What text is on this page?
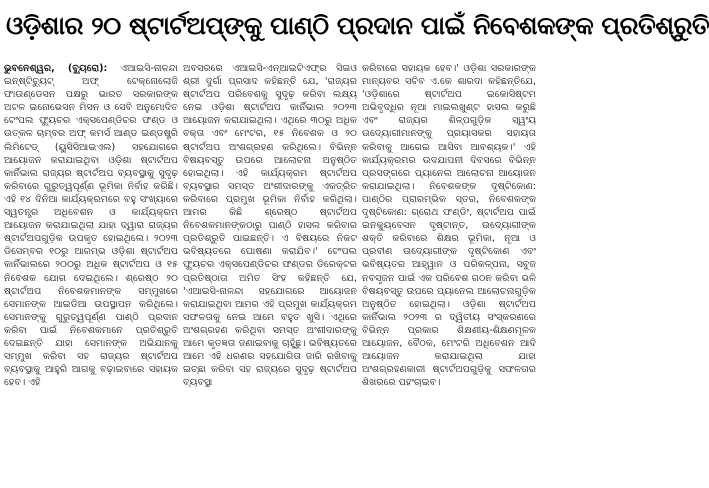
ଓଡ଼ିଶାର ୨୦ ଷ୍ଟାର୍ଟଅପ୍‌ଙ୍କୁ ପାଣ୍ଠି ପ୍ରଦାନ ପାଇଁ ନିବେଶକଙ୍କ ପ୍ରତିଶ୍ରୁତି

ଭୁବନେଶ୍ୱର, (ବ୍ୟୁରୋ): ଏଆଇସି-ନାଳନ୍ଦା ଇନ୍‌ଷ୍ଟିଚ୍ୟୁଟ୍ ଅଫ୍ ଟେକ୍‌ନୋଲୋଜି ଫାଉଣ୍ଡେସନ ପକ୍ଷରୁ ଭାରତ ସରକାରଙ୍କ ଅଟଳ ଇନୋଭେସନ ମିସନ ଓ ସେବି ଅନୁମୋଦିତ ଟେଂପଲ ଫ୍ୟୁଚର ଏକ୍ସପେଣ୍ଡିଚର ଫଣ୍ଡ ଓ ଉତ୍କଳ ଚାମ୍ବର ଅଫ୍ କମର୍ସ ଆଣ୍ଡ ଇଣ୍ଡଷ୍ଟ୍ରି ଲିମିଟେଡ୍ (ୟୁସିସିଆଇଏଲ) ସହଯୋଗରେ ଆୟୋଜନ କରାଯାଇଥିବା ଓଡ଼ିଶା ଷ୍ଟାର୍ଟଅପ କାର୍ନିଭାଲ ରାଜ୍ୟର ଷ୍ଟାର୍ଟଅପ ବ୍ୟବସ୍ଥାକୁ ସୁଦୃଢ଼ କରିବାରେ ଗୁରୁତ୍ୱପୂର୍ଣ୍ଣ ଭୂମିକା ନିର୍ବାହ କରିଛି। ଏହି ୧୪ ଦିନିଆ କାର୍ଯ୍ୟକ୍ରମରେ ବହୁ ସଂଖ୍ୟାରେ ସ୍ୱତନ୍ତ୍ର ଅଧିବେଶନ ଓ କାର୍ଯ୍ୟକ୍ରମ ଆୟୋଜନ କରାଯାଇଥିଲା ଯାହା ଦ୍ୱାରା ରାଜ୍ୟର ଷ୍ଟାର୍ଟଅପଗୁଡ଼ିକ ଉପକୃତ ହୋଇଥିଲେ। ୨୦୨୩ ଡିସେମ୍ବର ୧୦ରୁ ଆରମ୍ଭ ଓଡ଼ିଶା ଷ୍ଟାର୍ଟଅପ କାର୍ନିଭାଲରେ ୨୦୦ରୁ ଅଧିକ ଷ୍ଟାର୍ଟଅପ ଓ ୧୫ ନିବେଶକ ଯୋଗ ଦେଇଥିଲେ। ଶ୍ରେଷ୍ଠ ୨୦ ଷ୍ଟାର୍ଟଅପ ନିବେଶକମାନଙ୍କ ସମ୍ମୁଖରେ ସେମାନଙ୍କ ଆଇଡିଆ ଉପସ୍ଥାପନ କରିଥିଲେ। ସେମାନଙ୍କୁ ଗୁରୁତ୍ୱପୂର୍ଣ୍ଣ ପାଣ୍ଠି ପ୍ରଦାନ କରିବା ପାଇଁ ନିବେଶକମାନେ ପ୍ରତିଶ୍ରୁତି ଦେଇଛନ୍ତି ଯାହା ସେମାନଙ୍କ ଅଭିଯାନକୁ ସମ୍ମୁଖ କରିବା ସହ ରାଜ୍ୟର ଷ୍ଟାର୍ଟଅପ ବ୍ୟବସ୍ଥାକୁ ଆହୁରି ଆଗକୁ ବଢ଼ାଇବାରେ ସହାୟକ ହେବ। ଏହି

ଅବସରରେ ଏଆଇସି-ଏନ୍‌ଆଇଟିଏଫ୍‌ର ସିଇଓ ଶ୍ରୀ ଦୁର୍ଗା ପ୍ରସାଦ କହିଛନ୍ତି ଯେ, 'ରାଜ୍ୟର ଷ୍ଟାର୍ଟଅପ ପରିବେଶକୁ ସୁଦୃଢ଼ କରିବା ଲକ୍ଷ୍ୟ ନେଇ ଓଡ଼ିଶା ଷ୍ଟାର୍ଟଅପ କାର୍ନିଭାଲ ୨୦୨୩ ଆୟୋଜନ କରାଯାଇଥିଲା। ଏଥିରେ ୩୦ରୁ ଅଧିକ ବକ୍ତା ଏବଂ ମେଂଟର, ୧୫ ନିବେଶକ ଓ ୨୦ ଷ୍ଟାର୍ଟଅପ ଅଂଶଗ୍ରହଣ କରିଥିଲେ। ବିଭିନ୍ନ ବିଷୟବସ୍ତୁ ଉପରେ ଆଲୋଚନା ଅନୁଷ୍ଠିତ ହୋଇଥିଲା। ଏହି କାର୍ଯ୍ୟକ୍ରମ ଷ୍ଟାର୍ଟଅପ ବ୍ୟବସ୍ଥାର ସମସ୍ତ ଅଂଶୀଦାରଙ୍କୁ ଏକତ୍ରିତ କରିବାରେ ପ୍ରମୁଖ ଭୂମିକା ନିର୍ବାହ କରିଥିଲା। ଆମର କିଛି ଶ୍ରେଷ୍ଠ ଷ୍ଟାର୍ଟଅପ ନିବେଶକମାନଙ୍କଠାରୁ ପାଣ୍ଠି ହାସଲ କରିବାର ପ୍ରତିଶ୍ରୁତି ପାଇଛନ୍ତି। ଏ ବିଷୟରେ ନିକଟ ଭବିଷ୍ୟତରେ ଘୋଷଣା କରାଯିବ।' ଟେଂପଲ ଫ୍ୟୁଚର ଏକ୍ସପେଣ୍ଡିଚର ଫଣ୍ଡର ଡିରେକ୍ଟର ପ୍ରତିଷ୍ଠାତା ଅମିତ ସିଂହ କହିଛନ୍ତି ଯେ, 'ଏଆଇସି-ନାଳନ୍ଦା ସହଯୋଗରେ ଆୟୋଜନ କରାଯାଇଥିବା ଆମର ଏହି ପ୍ରମୁଖ କାର୍ଯ୍ୟକ୍ରମ ସଫଳତାକୁ ନେଇ ଆମେ ବହୁତ ଖୁସି। ଏଥିରେ ଅଂଶଗ୍ରହଣ କରିଥିବା ସମସ୍ତ ଅଂଶୀଦାରଙ୍କୁ ଆମେ କୃତଜ୍ଞତା ଜଣାଇବାକୁ ଚାହୁଁଛୁ। ଭବିଷ୍ୟତରେ ଆମେ ଏହି ଧରଣର ସହଯୋଗିତା ଜାରି ରଖିବାକୁ ଇଚ୍ଛା କରିବା ସହ ରାଜ୍ୟରେ ସୁଦୃଢ଼ ଷ୍ଟାର୍ଟଅପ ବ୍ୟବସ୍ଥା

କରିବାରେ ସହାୟକ ହେବ।' ଓଡ଼ିଶା ସରକାରଙ୍କ ମାନ୍ୟବର ସଚିବ ଏ.କେ ଶାରଦା କହିଛନ୍ତିଯେ, 'ଓଡ଼ିଶାରେ ଷ୍ଟାର୍ଟଅପ ଇକୋସିଷ୍ଟମ ଅଭିବୃଦ୍ଧିର ନୂଆ ମାଇଲଖୁଣ୍ଟ ହାସଲ କରୁଛି ଏବଂ ରାଜ୍ୟର ଶିଳ୍ପଗୁଡ଼ିକ ସ୍ୱଂୟ ଉଦ୍ୟୋଗୀମାନଙ୍କୁ ପ୍ରୟାସକର ସହାୟତା କରିବାକୁ ଆଗେଇ ଆସିବା ଆବଶ୍ୟକ।' ଏହି କାର୍ଯ୍ୟକ୍ରମର ଉଦଯାପନୀ ଦିବସରେ ବିଭିନ୍ନ ପ୍ରସଙ୍ଗରେ ପ୍ୟାନେଲ ଆଲୋଚନା ଆୟୋଜନ କରାଯାଇଥିଲା। ନିବେଶକଙ୍କ ଦୃଷ୍ଟିକୋଣ: ପାଣ୍ଠିର ପ୍ରାରମ୍ଭିକ ସ୍ତର, ନିବେଶକଙ୍କ ଦୃଷ୍ଟିକୋଣ: ଗ୍ରୋଥ ଫଣ୍ଡିଂ, ଷ୍ଟାର୍ଟଅପ ପାଇଁ ଇନକ୍ୟୁବେସନ ଦୃଷ୍ଟାନ୍ତ, ଉଦ୍ୟୋଗୀଙ୍କ ଶକ୍ତି କରିବାରେ ଶିକ୍ଷର ଭୂମିକା, ନୂଆ ଓ ପ୍ରବୀଣ ଉଦ୍ୟୋଗୀଙ୍କ ଦୃଷ୍ଟିକୋଣ ଏବଂ ଭବିଷ୍ୟତର ଆହ୍ୱାନ ଓ ପରିକଳ୍ପନା, ସବୁଜ ନବସୃଜନ ପାଇଁ ଏକ ପରିବେଶ ଗଠନ କରିବା ଭଳି ବିଷୟବସ୍ତୁ ଉପରେ ପ୍ୟାନେଲ ଆଲୋଚନାଗୁଡ଼ିକ ଅନୁଷ୍ଠିତ ହୋଇଥିଲା। ଓଡ଼ିଶା ଷ୍ଟାର୍ଟଅପ କାର୍ନିଭାଲ ୨୦୨୩ ର ଦ୍ୱିତୀୟ ସଂସ୍କରଣରେ ବିଭିନ୍ନ ପ୍ରକାର ଶିକ୍ଷଣୀୟ-ଶିକ୍ଷଣମୂଳକ ଆୟୋଜନ, ବୈଠକ, ମେଂଟରି ଅଧିବେଶନ ଆଦି ଆୟୋଜନ କରାଯାଇଥିଲା ଯାହା ଅଂଶଗ୍ରହଣକାରୀ ଷ୍ଟାର୍ଟଅପଗୁଡ଼ିକୁ ସଫଳତାର ଶିଖରରେ ପହଂଚାଇବ।
